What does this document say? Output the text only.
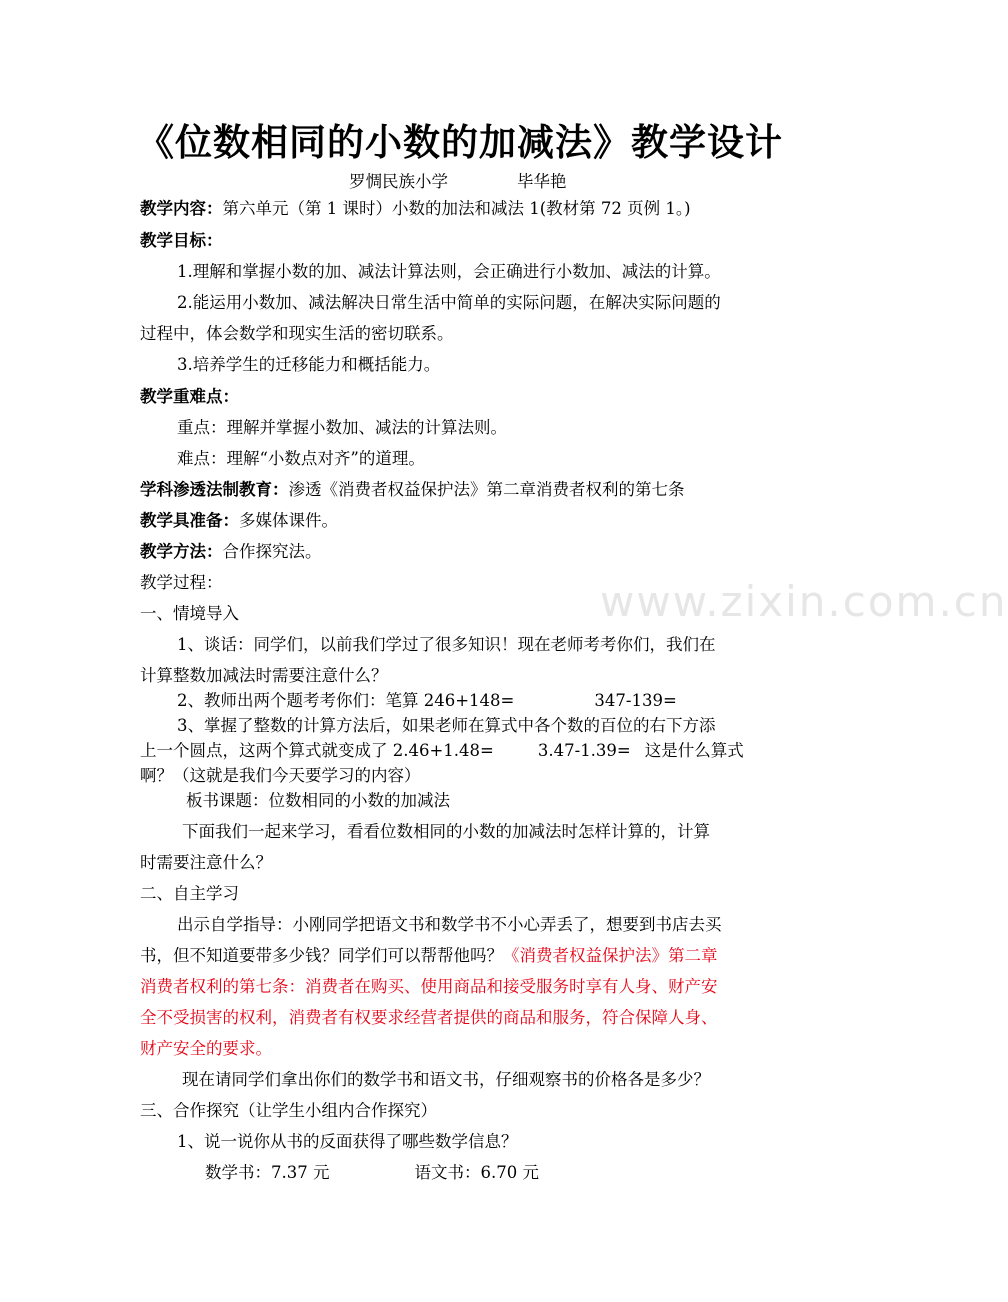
《位数相同的小数的加减法》教学设计
罗惆民族小学	毕华艳
教学内容：第六单元（第 1 课时）小数的加法和减法 1(教材第 72 页例 1。)
教学目标：
1.理解和掌握小数的加、减法计算法则，会正确进行小数加、减法的计算。
2.能运用小数加、减法解决日常生活中简单的实际问题，在解决实际问题的
过程中，体会数学和现实生活的密切联系。
3.培养学生的迁移能力和概括能力。
教学重难点：
重点：理解并掌握小数加、减法的计算法则。
难点：理解“小数点对齐”的道理。
学科渗透法制教育：渗透《消费者权益保护法》第二章消费者权利的第七条
教学具准备：多媒体课件。
教学方法：合作探究法。
教学过程：
一、情境导入
1、谈话：同学们，以前我们学过了很多知识！现在老师考考你们，我们在
计算整数加减法时需要注意什么？
2、教师出两个题考考你们：笔算 246+148=	347-139=
3、掌握了整数的计算方法后，如果老师在算式中各个数的百位的右下方添
上一个圆点，这两个算式就变成了 2.46+1.48=	3.47-1.39= 这是什么算式
啊？（这就是我们今天要学习的内容）
板书课题：位数相同的小数的加减法
下面我们一起来学习，看看位数相同的小数的加减法时怎样计算的，计算
时需要注意什么？
二、自主学习
出示自学指导：小刚同学把语文书和数学书不小心弄丢了，想要到书店去买
书，但不知道要带多少钱？同学们可以帮帮他吗？《消费者权益保护法》第二章
消费者权利的第七条：消费者在购买、使用商品和接受服务时享有人身、财产安
全不受损害的权利，消费者有权要求经营者提供的商品和服务，符合保障人身、
财产安全的要求。
现在请同学们拿出你们的数学书和语文书，仔细观察书的价格各是多少？
三、合作探究（让学生小组内合作探究）
1、说一说你从书的反面获得了哪些数学信息？
数学书：7.37 元	语文书：6.70 元
www.zixin.com.cn
